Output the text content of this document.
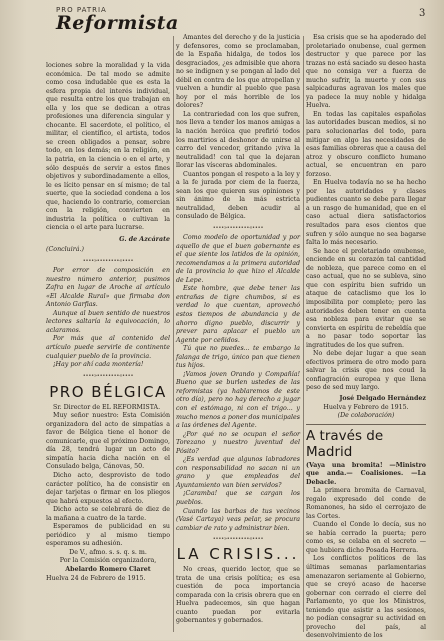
PRO PATRIA
Reformista	3

lociones sobre la moralidad y la vida económica. De tal modo se admite como cosa indudable que es esta la esfera propia del interés individual, que resulta entre los que trabajan en ella y los que se dedican a otras profesiones una diferencia singular y chocante. El sacerdote, el político, el militar, el científico, el artista, todos se creen obligados a pensar, sobre todo, en los demás; en la religión, en la patria, en la ciencia o en el arte, y sólo después de servir a estos fines objetivos y subordinadamente a ellos, le es lícito pensar en sí mismo; de tal suerte, que la sociedad condena a los que, haciendo lo contrario, comercian con la religión, convierten en industria la política o cultivan la ciencia o el arte para lucrarse.

G. de Azcárate

(Concluirá.)

••••»••••••••«••••

Por error de composición en nuestro número anterior, pusimos Zafra en lugar de Aroche al artículo «El Alcalde Rural» que firmaba don Antonio Garfias.

Aunque al buen sentido de nuestros lectores saltaría la equivocación, lo aclaramos.

Por más que al contenido del artículo puede servirle de continente cualquier pueblo de la provincia.

¡Hay por ahí cada montería!

••••»••••••••«••••
PRO BÉLGICA

Sr. Director de EL REFORMISTA.

Muy señor nuestro: Esta Comisión organizadora del acto de simpatías a favor de Bélgica tiene el honor de comunicarle, que el próximo Domingo, día 28, tendrá lugar un acto de simpatía hacia dicha nación en el Consulado belga, Cánovas, 50.

Dicho acto, desprovisto de todo carácter político, ha de consistir en dejar tarjetas o firmar en los pliegos que habrá expuestos al efecto.

Dicho acto se celebrará de diez de la mañana a cuatro de la tarde.

Esperamos de publicidad en su periódico y al mismo tiempo esperamos su adhesión.

De V., afmo. s. s. q. s. m.

Por la Comisión organizadora,

Abelardo Romero Claret

Huelva 24 de Febrero de 1915.

Amantes del derecho y de la justicia y defensores, como se proclamaban, de la España hidalga, de todos los desgraciados, ¿es admisible que ahora no se indignen y se pongan al lado del débil en contra de los que atropellan y vuelven a hundir al pueblo que pasa hoy por el más horrible de los dolores?

La contrariedad con los que sufren, nos lleva a tender los manos amigas a la nación heróica que prefirió todos los martirios al deshonor de unirse al carro del vencedor, gritando ¡viva la neutralidad! con tal que la dejaran llorar las vísceras abdominales.

Cuantos pongan el respeto a la ley y a la fe jurada por ciem de la fuerza, sean los que quieren sus opiniones y sin ánimo de la más estricta neutralidad, deben acudir al consulado de Bélgica.

••••»••••••••«••••

Como modelo de oportunidad y por aquello de que el buen gobernante es el que siente los latidos de la opinión, recomendamos a la primera autoridad de la provincia lo que hizo el Alcalde de Lepe.

Este hombre, que debe tener las entrañas de tigre chumbos, si es verdad lo que cuentan, aprovechó estos tiempos de abundancia y de ahorro digno pueblo, discurrir y prever para aplacar el pueblo un Agente por ceñidos.

Tú que no puedes... te embargo la falanga de trigo, único pan que tienen tus hijos.

¡Vamos joven Orando y Compañía! Bueno que se burlen ustedes de las reformistas (ya hablaremos de este otro día), pero no hay derecho a jugar con el estómago, ni con el trigo... y mucho menos a poner dos municipales a las órdenes del Agente.

¿Por qué no se ocupan el señor Torezano y nuestro juventud del Pósito?

¿Es verdad que algunos labradores con responsabilidad no sacan ni un grano y que empleados del Ayuntamiento van bien servidos?

¡Caramba! que se cargan los pueblos.

Cuando las barbas de tus vecinos (Vasé Cartaya) veas pelar, se procura cambiar de rato y administrar bien.

••••»••••••••«••••
LA CRISIS...

No creas, querido lector, que se trata de una crisis política; es esa cuestión de poca importancia comparada con la crisis obrera que en Huelva padecemos, sin que hagan cuanto puedan por evitarla gobernantes y gobernados.

Esa crisis que se ha apoderado del proletariado onubense, cual germen destructor y que parece por las trazas no está saciado su deseo hasta que no consiga ver a fuerza de mucho sufrir, la muerte y con sus salpicaduras agravan los males que ya padece la muy noble y hidalga Huelva.

En todas las capitales españolas las autoridades buscan medios, si no para solucionarlas del todo, para mitigar en algo las necesidades de esas familias obreras que a causa del atroz y obscuro conflicto humano actual, se encuentran en paro forzoso.

En Huelva todavía no se ha hecho por las autoridades y clases pudientes cuanto se debe para llegar a un rasgo de humanidad, que en el caso actual diera satisfactorios resultados para esos cientos que sufren y sólo aunque no sea bagarse falta lo más necesario.

Se hace el proletariado onubense, enciende en su corazón tal cantidad de nobleza, que parece como en el caso actual, que no se subleva, sino que con espíritu bien sufrido un ataque de cataclismo que los lo imposibilita por completo; pero las autoridades deben tener en cuenta esa nobleza para evitar que se convierta en espíritu de rebeldía que a no pasar todo soportar las ingratitudes de los que sufren.

No debe dejar lugar a que sean efectivos primera de otro modo para salvar la crisis que nos coud la confiagración europea y que llena peso de sed muy largo.

José Delgado Hernández

Huelva y Febrero de 1915.

(De colaboración)

A través de Madrid

(Vaya una bromita! —Ministro que anda.— Coalisiones. —La Debacle.

La primera bromita de Carnaval, regalo expresado del conde de Romanones, ha sido el cerrojazo de las Cortes.

Cuando el Conde lo decía, sus no se había cerrado la puerta; pero como es, se celaba en el secreto —que hubiera dicho Posada Herrera.

Los conflictos políticos de las últimas semanas parlamentarias amenazaron seriamente al Gobierno, que se creyó acaso de hacerse gobernar con cerrado el cierre del Parlamento, yo que los Ministros, teniendo que asistir a las sesiones, no podían consagrar su actividad en provecho del país, al desenvolvimiento de los
